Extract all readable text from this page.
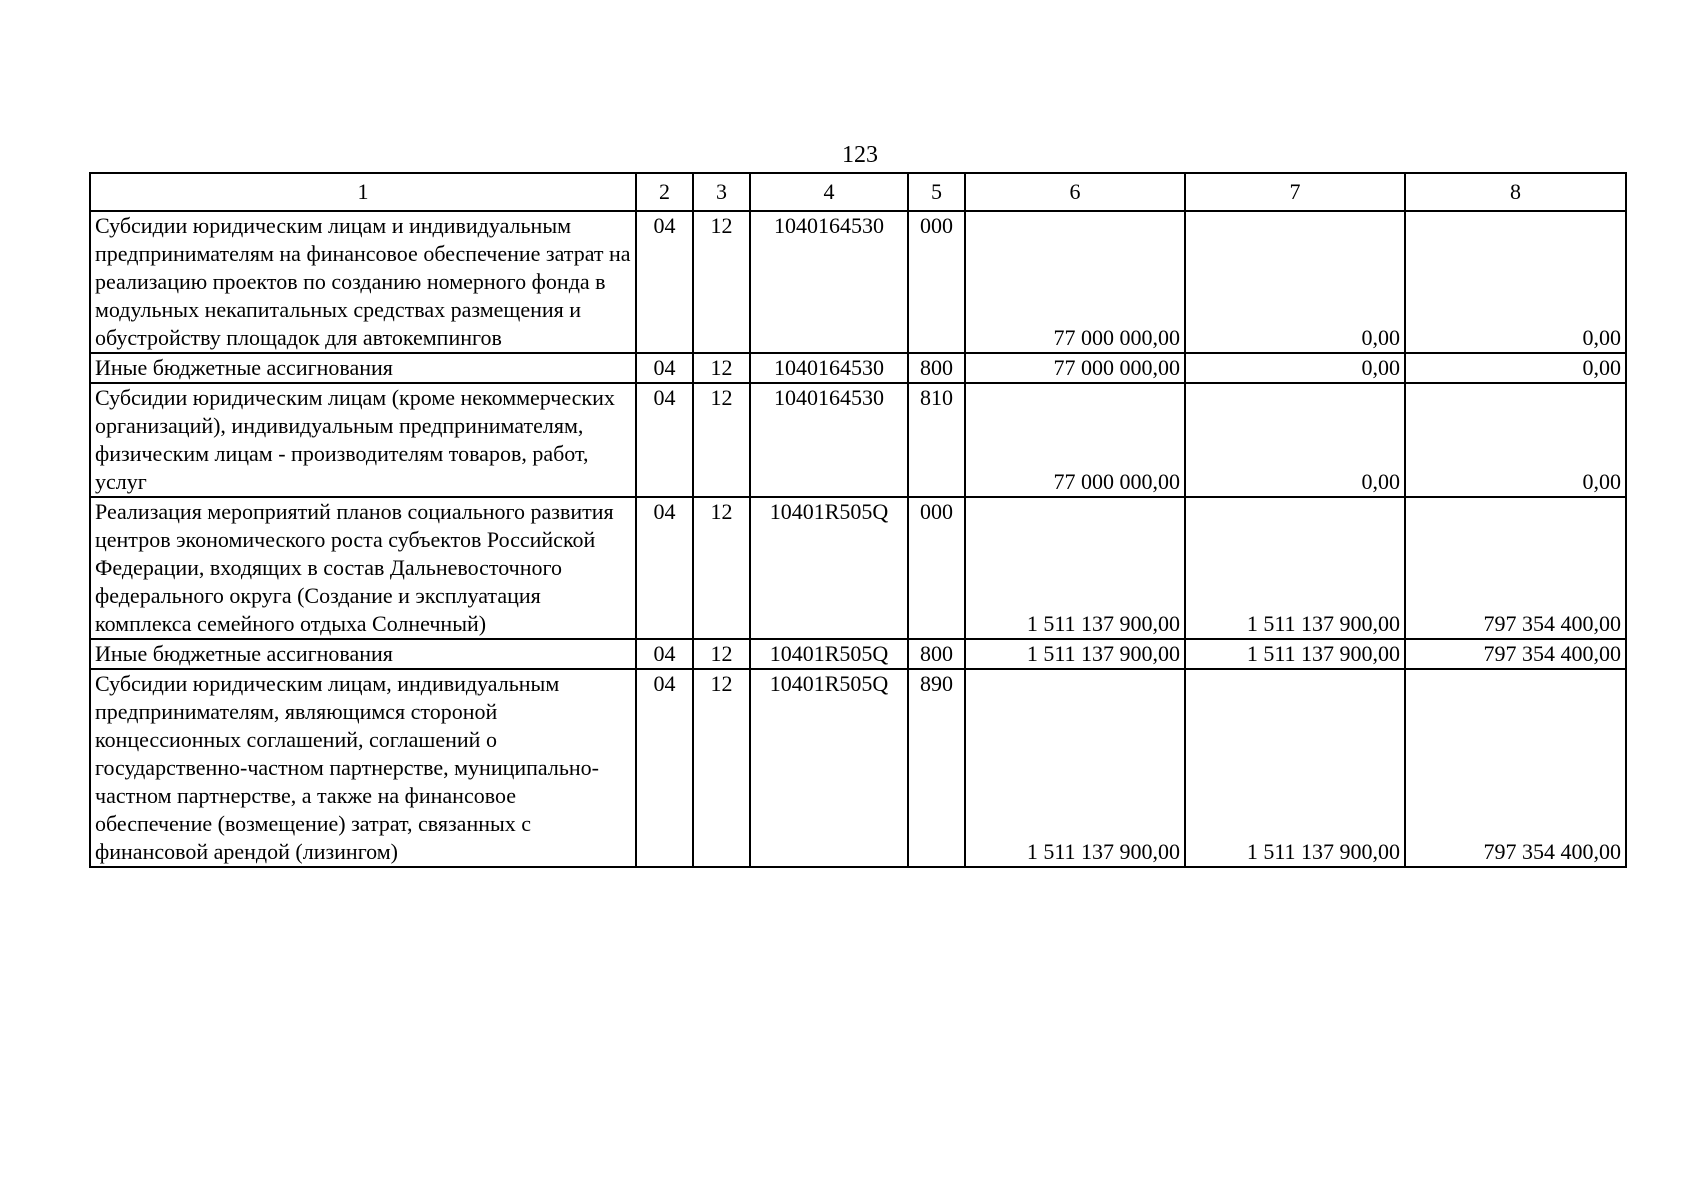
123
1	2	3	4	5	6	7	8
Субсидии юридическим лицам и индивидуальным предпринимателям на финансовое обеспечение затрат на реализацию проектов по созданию номерного фонда в модульных некапитальных средствах размещения и обустройству площадок для автокемпингов	04	12	1040164530	000	77 000 000,00	0,00	0,00
Иные бюджетные ассигнования	04	12	1040164530	800	77 000 000,00	0,00	0,00
Субсидии юридическим лицам (кроме некоммерческих организаций), индивидуальным предпринимателям, физическим лицам - производителям товаров, работ, услуг	04	12	1040164530	810	77 000 000,00	0,00	0,00
Реализация мероприятий планов социального развития центров экономического роста субъектов Российской Федерации, входящих в состав Дальневосточного федерального округа (Создание и эксплуатация комплекса семейного отдыха Солнечный)	04	12	10401R505Q	000	1 511 137 900,00	1 511 137 900,00	797 354 400,00
Иные бюджетные ассигнования	04	12	10401R505Q	800	1 511 137 900,00	1 511 137 900,00	797 354 400,00
Субсидии юридическим лицам, индивидуальным предпринимателям, являющимся стороной концессионных соглашений, соглашений о государственно-частном партнерстве, муниципально-частном партнерстве, а также на финансовое обеспечение (возмещение) затрат, связанных с финансовой арендой (лизингом)	04	12	10401R505Q	890	1 511 137 900,00	1 511 137 900,00	797 354 400,00
